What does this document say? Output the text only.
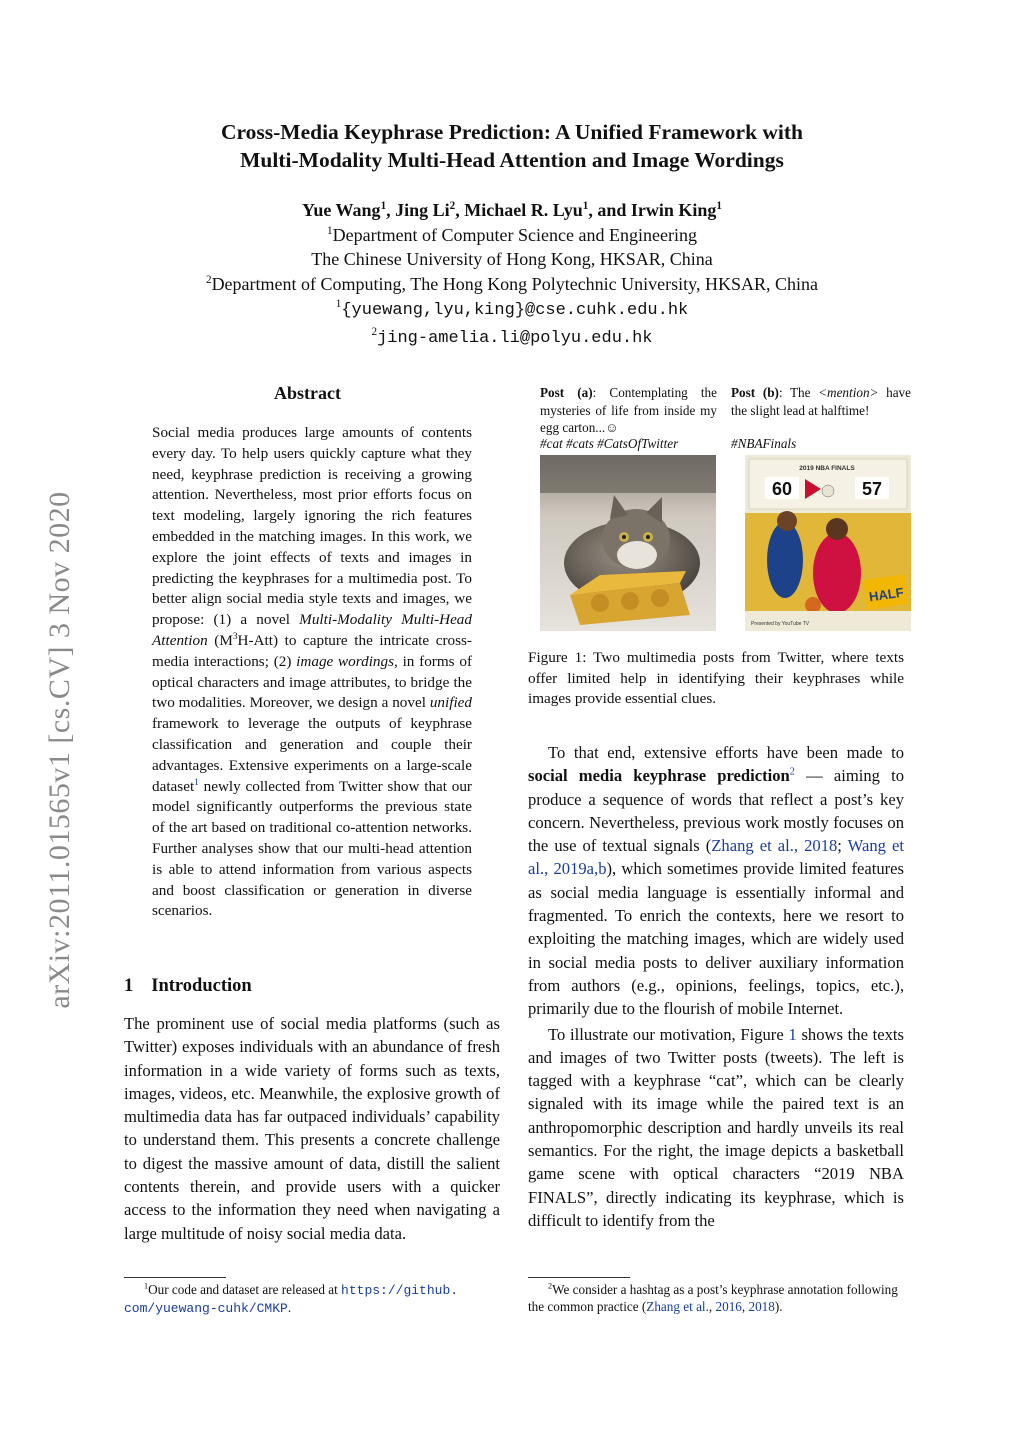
Cross-Media Keyphrase Prediction: A Unified Framework with
Multi-Modality Multi-Head Attention and Image Wordings
Yue Wang$^1$, Jing Li$^2$, Michael R. Lyu$^1$, and Irwin King$^1$
$^1$Department of Computer Science and Engineering
The Chinese University of Hong Kong, HKSAR, China
$^2$Department of Computing, The Hong Kong Polytechnic University, HKSAR, China
$^1${yuewang,lyu,king}@cse.cuhk.edu.hk
$^2$jing-amelia.li@polyu.edu.hk
arXiv:2011.01565v1 [cs.CV] 3 Nov 2020
Abstract
Social media produces large amounts of contents every day. To help users quickly capture what they need, keyphrase prediction is receiving a growing attention. Nevertheless, most prior efforts focus on text modeling, largely ignoring the rich features embedded in the matching images. In this work, we explore the joint effects of texts and images in predicting the keyphrases for a multimedia post. To better align social media style texts and images, we propose: (1) a novel Multi-Modality Multi-Head Attention $(M^3H-Att)$ to capture the intricate cross-media interactions; (2) image wordings, in forms of optical characters and image attributes, to bridge the two modalities. Moreover, we design a novel unified framework to leverage the outputs of keyphrase classification and generation and couple their advantages. Extensive experiments on a large-scale dataset$^1$ newly collected from Twitter show that our model significantly outperforms the previous state of the art based on traditional co-attention networks. Further analyses show that our multi-head attention is able to attend information from various aspects and boost classification or generation in diverse scenarios.
1 Introduction
The prominent use of social media platforms (such as Twitter) exposes individuals with an abundance of fresh information in a wide variety of forms such as texts, images, videos, etc. Meanwhile, the explosive growth of multimedia data has far outpaced individuals’ capability to understand them. This presents a concrete challenge to digest the massive amount of data, distill the salient contents therein, and provide users with a quicker access to the information they need when navigating a large multitude of noisy social media data.
$^1$Our code and dataset are released at https://github.
com/yuewang-cuhk/CMKP.
Post (a): Contemplating the mysteries of life from inside my egg carton...☺
#cat #cats #CatsOfTwitter
Post (b): The <mention> have the slight lead at halftime!
#NBAFinals
2019 NBA FINALS
60	57
HALF
Presented by YouTube TV
Figure 1: Two multimedia posts from Twitter, where texts offer limited help in identifying their keyphrases while images provide essential clues.

To that end, extensive efforts have been made to social media keyphrase prediction$^2$ — aiming to produce a sequence of words that reflect a post’s key concern. Nevertheless, previous work mostly focuses on the use of textual signals (Zhang et al., 2018; Wang et al., 2019a,b), which sometimes provide limited features as social media language is essentially informal and fragmented. To enrich the contexts, here we resort to exploiting the matching images, which are widely used in social media posts to deliver auxiliary information from authors (e.g., opinions, feelings, topics, etc.), primarily due to the flourish of mobile Internet.

To illustrate our motivation, Figure 1 shows the texts and images of two Twitter posts (tweets). The left is tagged with a keyphrase “cat”, which can be clearly signaled with its image while the paired text is an anthropomorphic description and hardly unveils its real semantics. For the right, the image depicts a basketball game scene with optical characters “2019 NBA FINALS”, directly indicating its keyphrase, which is difficult to identify from the

$^2$We consider a hashtag as a post’s keyphrase annotation following the common practice (Zhang et al., 2016, 2018).
